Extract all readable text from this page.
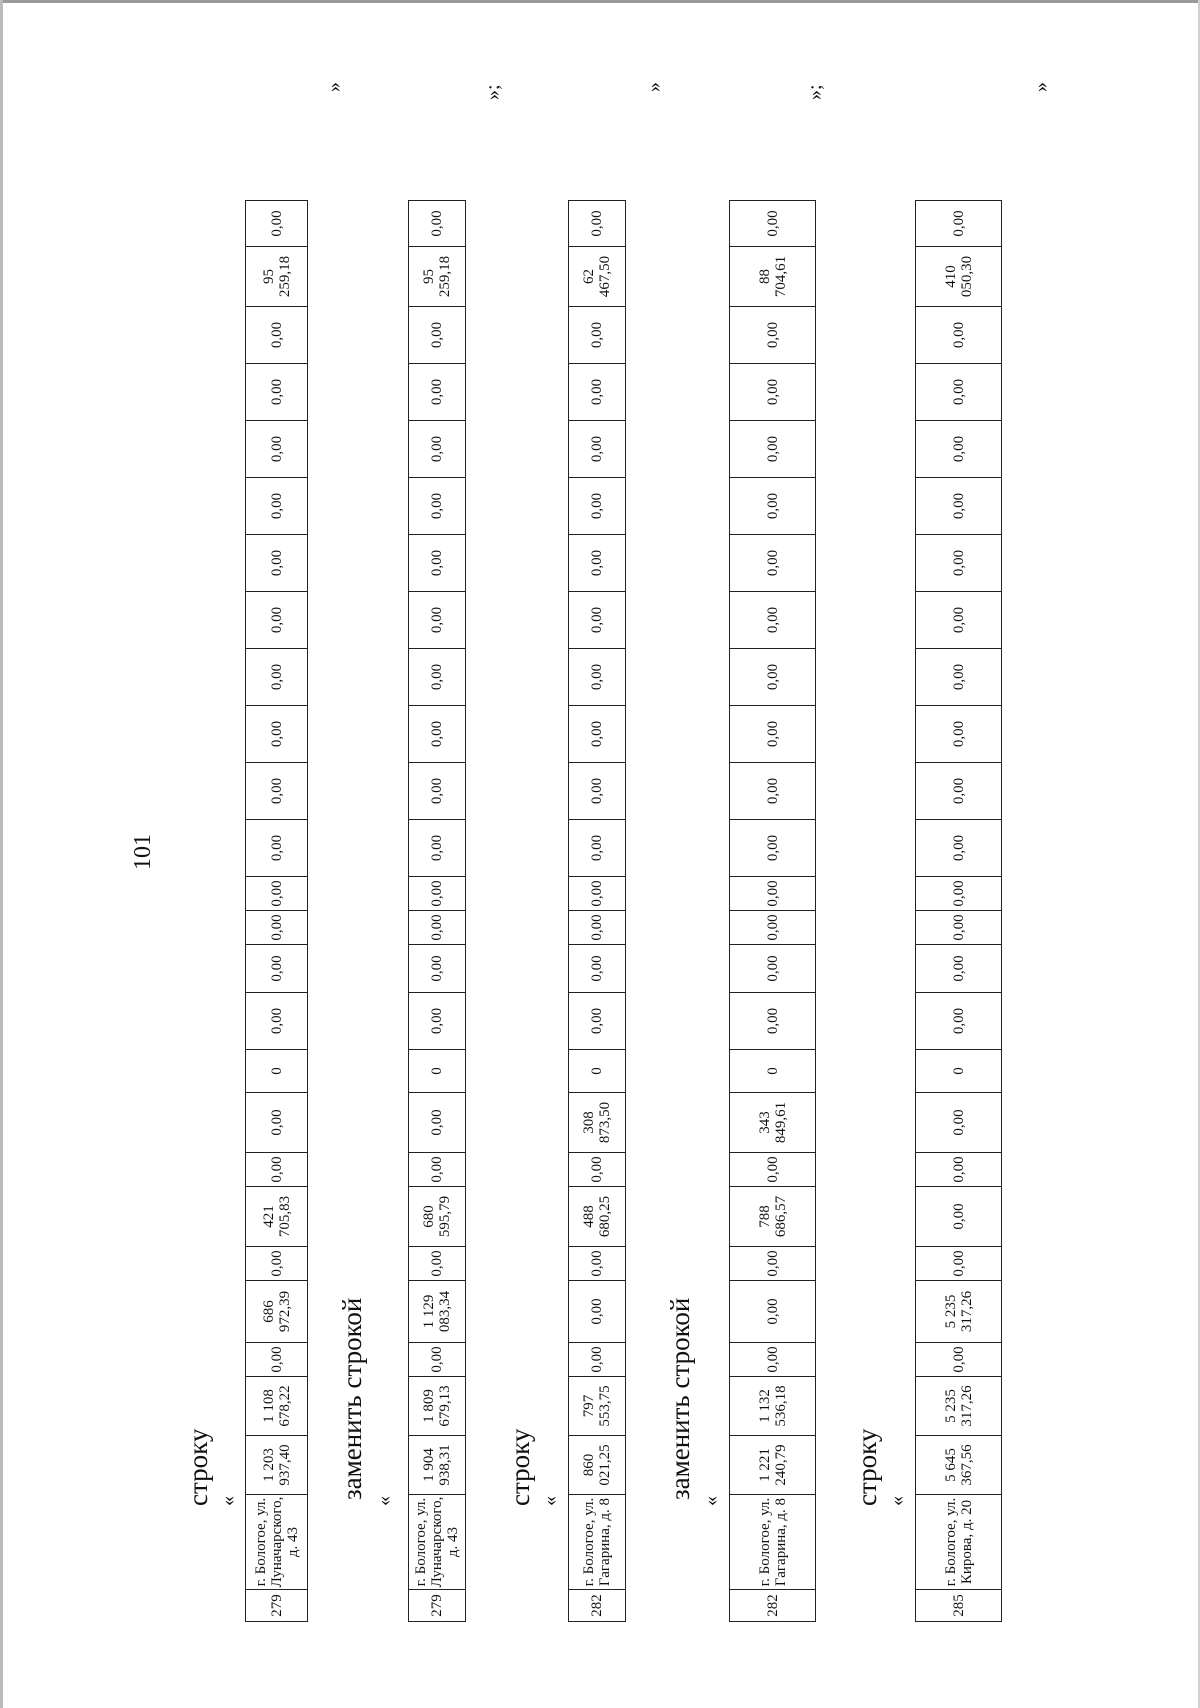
101
строку «
279	г. Бологое, ул. Луначарского, д. 43	1 203 937,40	1 108 678,22	0,00	686 972,39	0,00	421 705,83	0,00	0,00	0	0,00	0,00	0,00	0,00	0,00	0,00	0,00	0,00	0,00	0,00	0,00	0,00	0,00	0,00	95 259,18	0,00
»
заменить строкой
«
279	г. Бологое, ул. Луначарского, д. 43	1 904 938,31	1 809 679,13	0,00	1 129 083,34	0,00	680 595,79	0,00	0,00	0	0,00	0,00	0,00	0,00	0,00	0,00	0,00	0,00	0,00	0,00	0,00	0,00	0,00	0,00	95 259,18	0,00
»;
строку «
282	г. Бологое, ул. Гагарина, д. 8	860 021,25	797 553,75	0,00	0,00	0,00	488 680,25	0,00	308 873,50	0	0,00	0,00	0,00	0,00	0,00	0,00	0,00	0,00	0,00	0,00	0,00	0,00	0,00	0,00	62 467,50	0,00
»
заменить строкой
«
282	г. Бологое, ул. Гагарина, д. 8	1 221 240,79	1 132 536,18	0,00	0,00	0,00	788 686,57	0,00	343 849,61	0	0,00	0,00	0,00	0,00	0,00	0,00	0,00	0,00	0,00	0,00	0,00	0,00	0,00	0,00	88 704,61	0,00
»;
строку «
285	г. Бологое, ул. Кирова, д. 20	5 645 367,56	5 235 317,26	0,00	5 235 317,26	0,00	0,00	0,00	0,00	0	0,00	0,00	0,00	0,00	0,00	0,00	0,00	0,00	0,00	0,00	0,00	0,00	0,00	0,00	410 050,30	0,00
»
